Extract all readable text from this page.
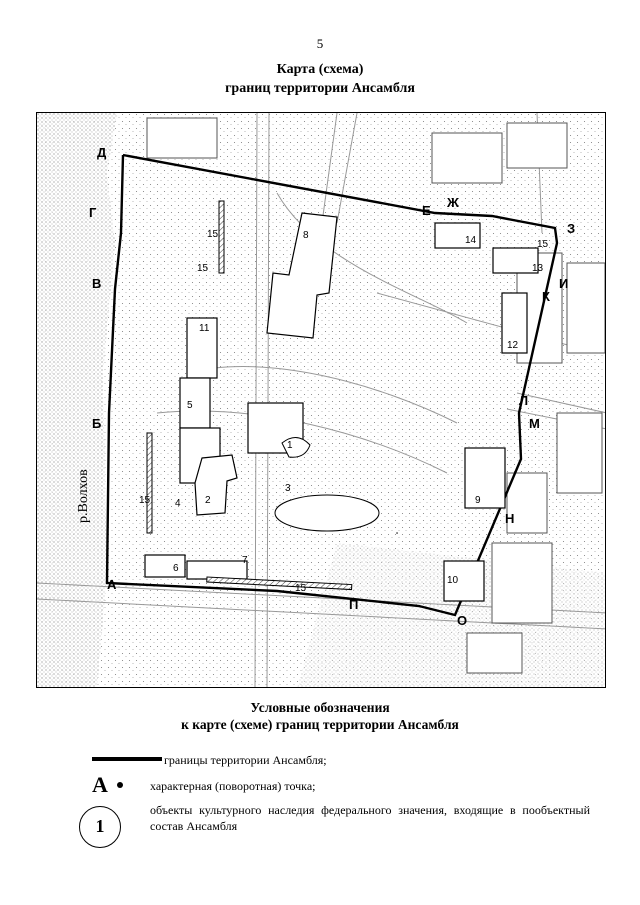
5
Карта (схема)
границ территории Ансамбля
Д
Г
В
Б
А
П
О
Н
М
Л
К
И
З
Ж
Е
1
2
3
4
5
6
7
8
9
10
11
12
13
14	15
15
15
15
15
р.Волхов
Условные обозначения
к карте (схеме) границ территории Ансамбля
границы территории Ансамбля;
А	характерная (поворотная) точка;
1
объекты культурного наследия федерального значения, входящие в пообъектный состав Ансамбля
